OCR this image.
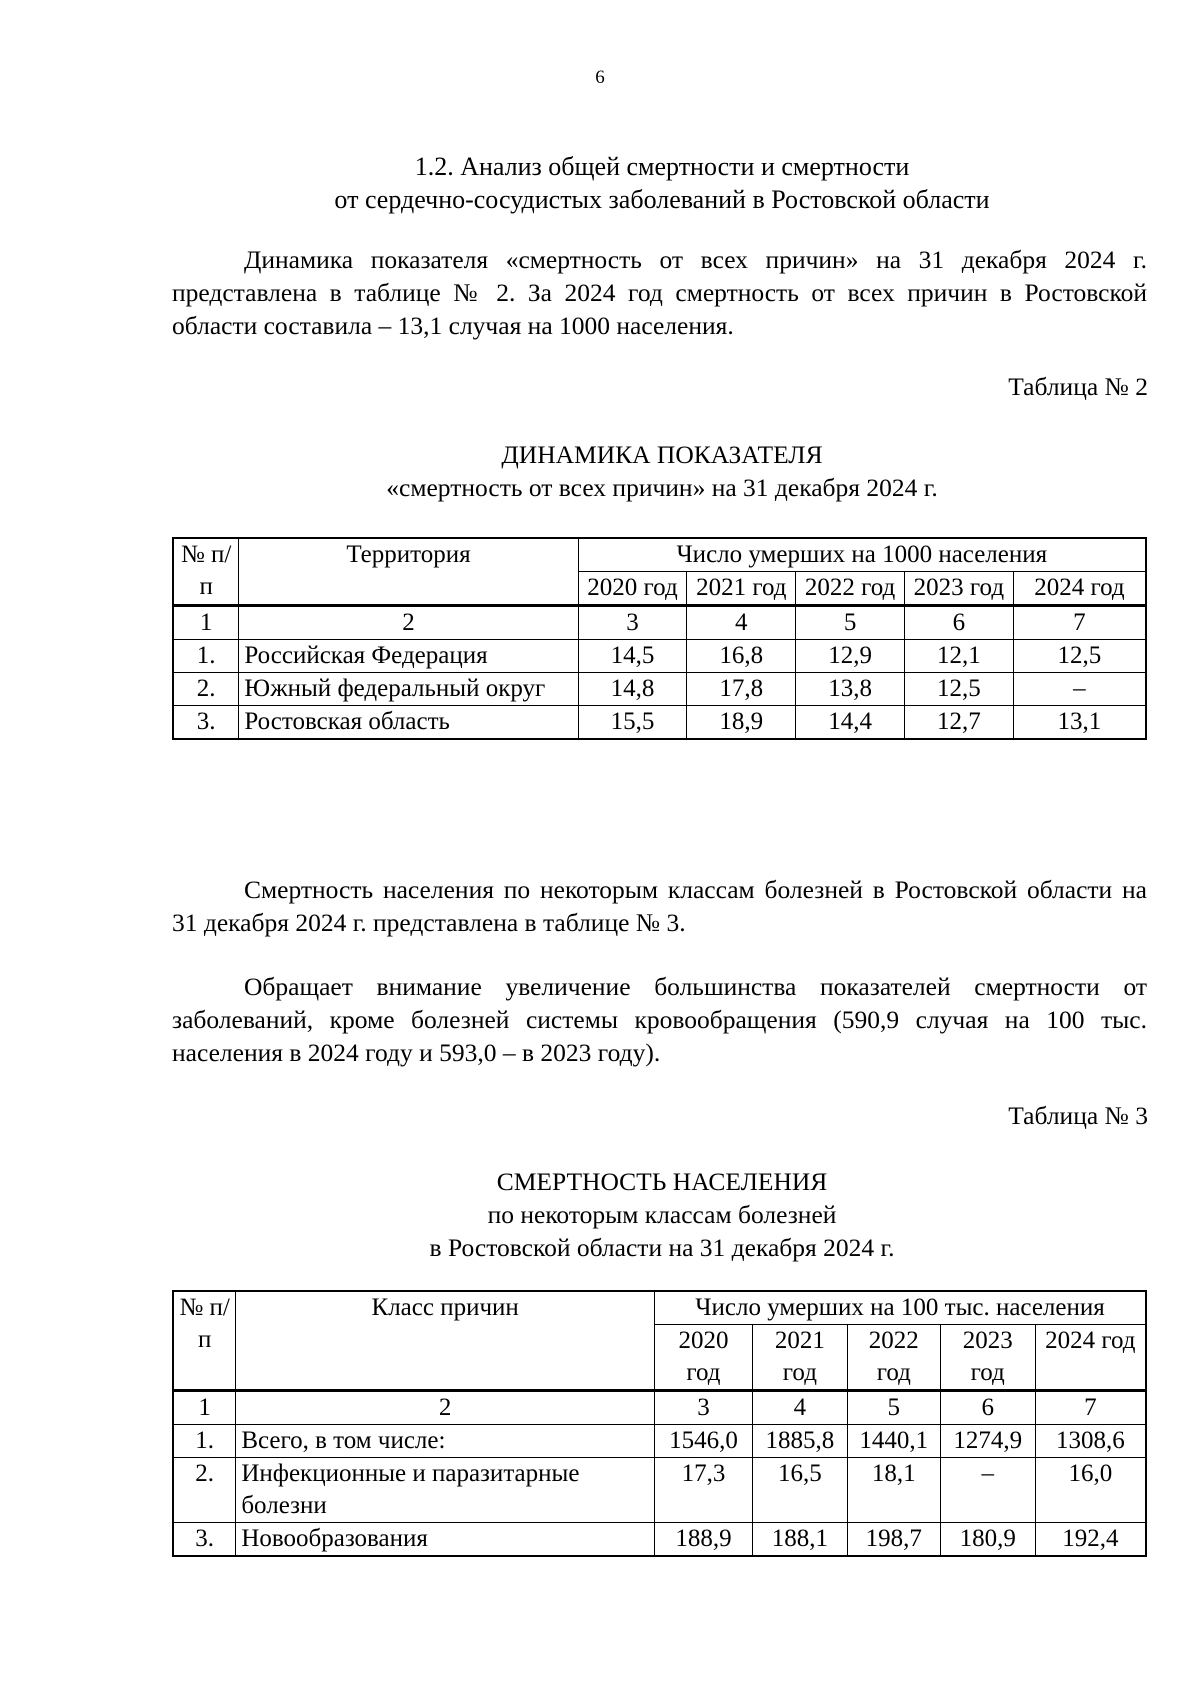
6
1.2. Анализ общей смертности и смертности
от сердечно-сосудистых заболеваний в Ростовской области
Динамика показателя «смертность от всех причин» на 31 декабря 2024 г. представлена в таблице № 2. За 2024 год смертность от всех причин в Ростовской области составила – 13,1 случая на 1000 населения.
Таблица № 2
ДИНАМИКА ПОКАЗАТЕЛЯ
«смертность от всех причин» на 31 декабря 2024 г.
№ п/п	Территория	Число умерших на 1000 населения				
		2020 год	2021 год	2022 год	2023 год	2024 год
1	2	3	4	5	6	7
1.	Российская Федерация	14,5	16,8	12,9	12,1	12,5
2.	Южный федеральный округ	14,8	17,8	13,8	12,5	–
3.	Ростовская область	15,5	18,9	14,4	12,7	13,1
Смертность населения по некоторым классам болезней в Ростовской области на 31 декабря 2024 г. представлена в таблице № 3.
Обращает внимание увеличение большинства показателей смертности от заболеваний, кроме болезней системы кровообращения (590,9 случая на 100 тыс. населения в 2024 году и 593,0 – в 2023 году).
Таблица № 3
СМЕРТНОСТЬ НАСЕЛЕНИЯ
по некоторым классам болезней
в Ростовской области на 31 декабря 2024 г.
№ п/п	Класс причин	Число умерших на 100 тыс. населения				
		2020 год	2021 год	2022 год	2023 год	2024 год
1	2	3	4	5	6	7
1.	Всего, в том числе:	1546,0	1885,8	1440,1	1274,9	1308,6
2.	Инфекционные и паразитарные болезни	17,3	16,5	18,1	–	16,0
3.	Новообразования	188,9	188,1	198,7	180,9	192,4
